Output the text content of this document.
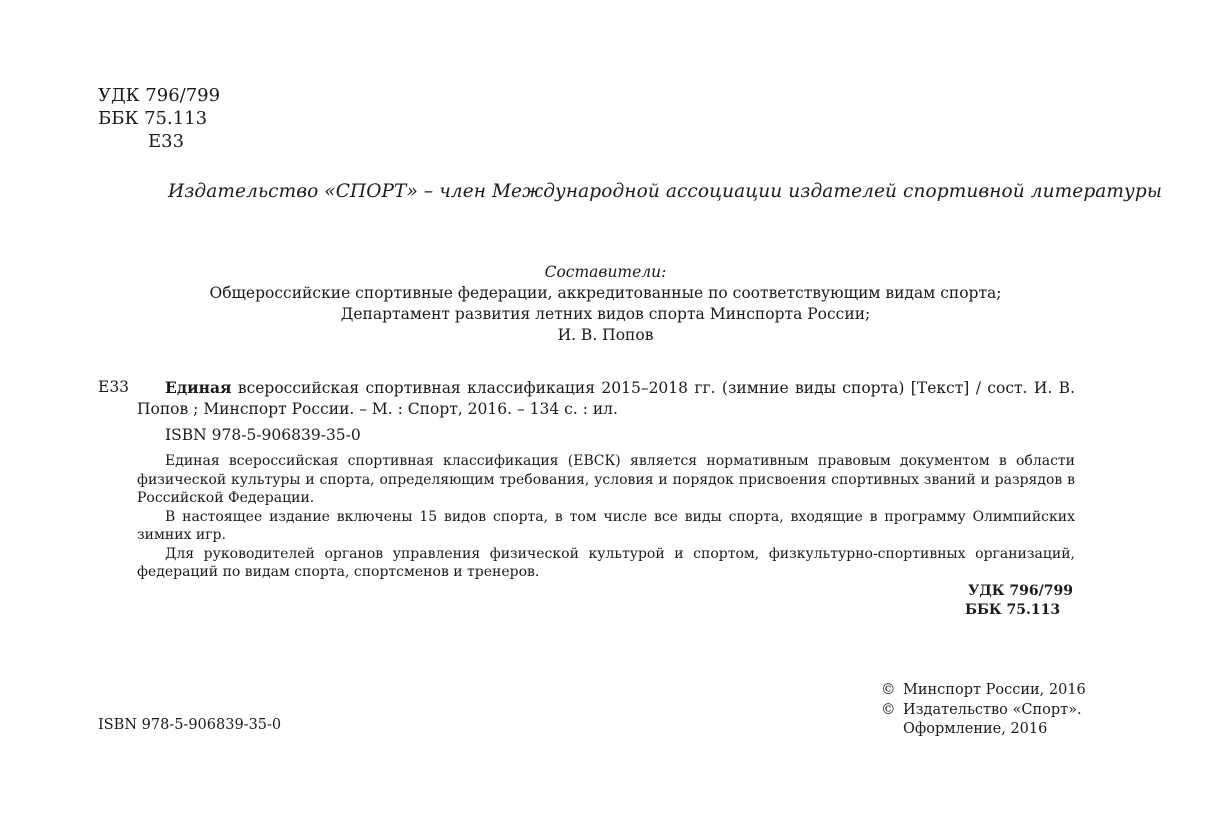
УДК 796/799
ББК 75.113
Е33
Издательство «СПОРТ» – член Международной ассоциации издателей спортивной литературы
Составители:
Общероссийские спортивные федерации, аккредитованные по соответствующим видам спорта;
Департамент развития летних видов спорта Минспорта России;
И. В. Попов
Е33	Единая всероссийская спортивная классификация 2015–2018 гг. (зимние виды спорта) [Текст] / сост. И. В. Попов ; Минспорт России. – М. : Спорт, 2016. – 134 с. : ил.
ISBN 978-5-906839-35-0

Единая всероссийская спортивная классификация (ЕВСК) является нормативным правовым документом в области физической культуры и спорта, определяющим требования, условия и порядок присвоения спортивных званий и разрядов в Российской Федерации.

В настоящее издание включены 15 видов спорта, в том числе все виды спорта, входящие в программу Олимпийских зимних игр.

Для руководителей органов управления физической культурой и спортом, физкультурно-спортивных организаций, федераций по видам спорта, спортсменов и тренеров.

УДК 796/799
ББК 75.113
© Минспорт России, 2016
© Издательство «Спорт».
Оформление, 2016
ISBN 978-5-906839-35-0
